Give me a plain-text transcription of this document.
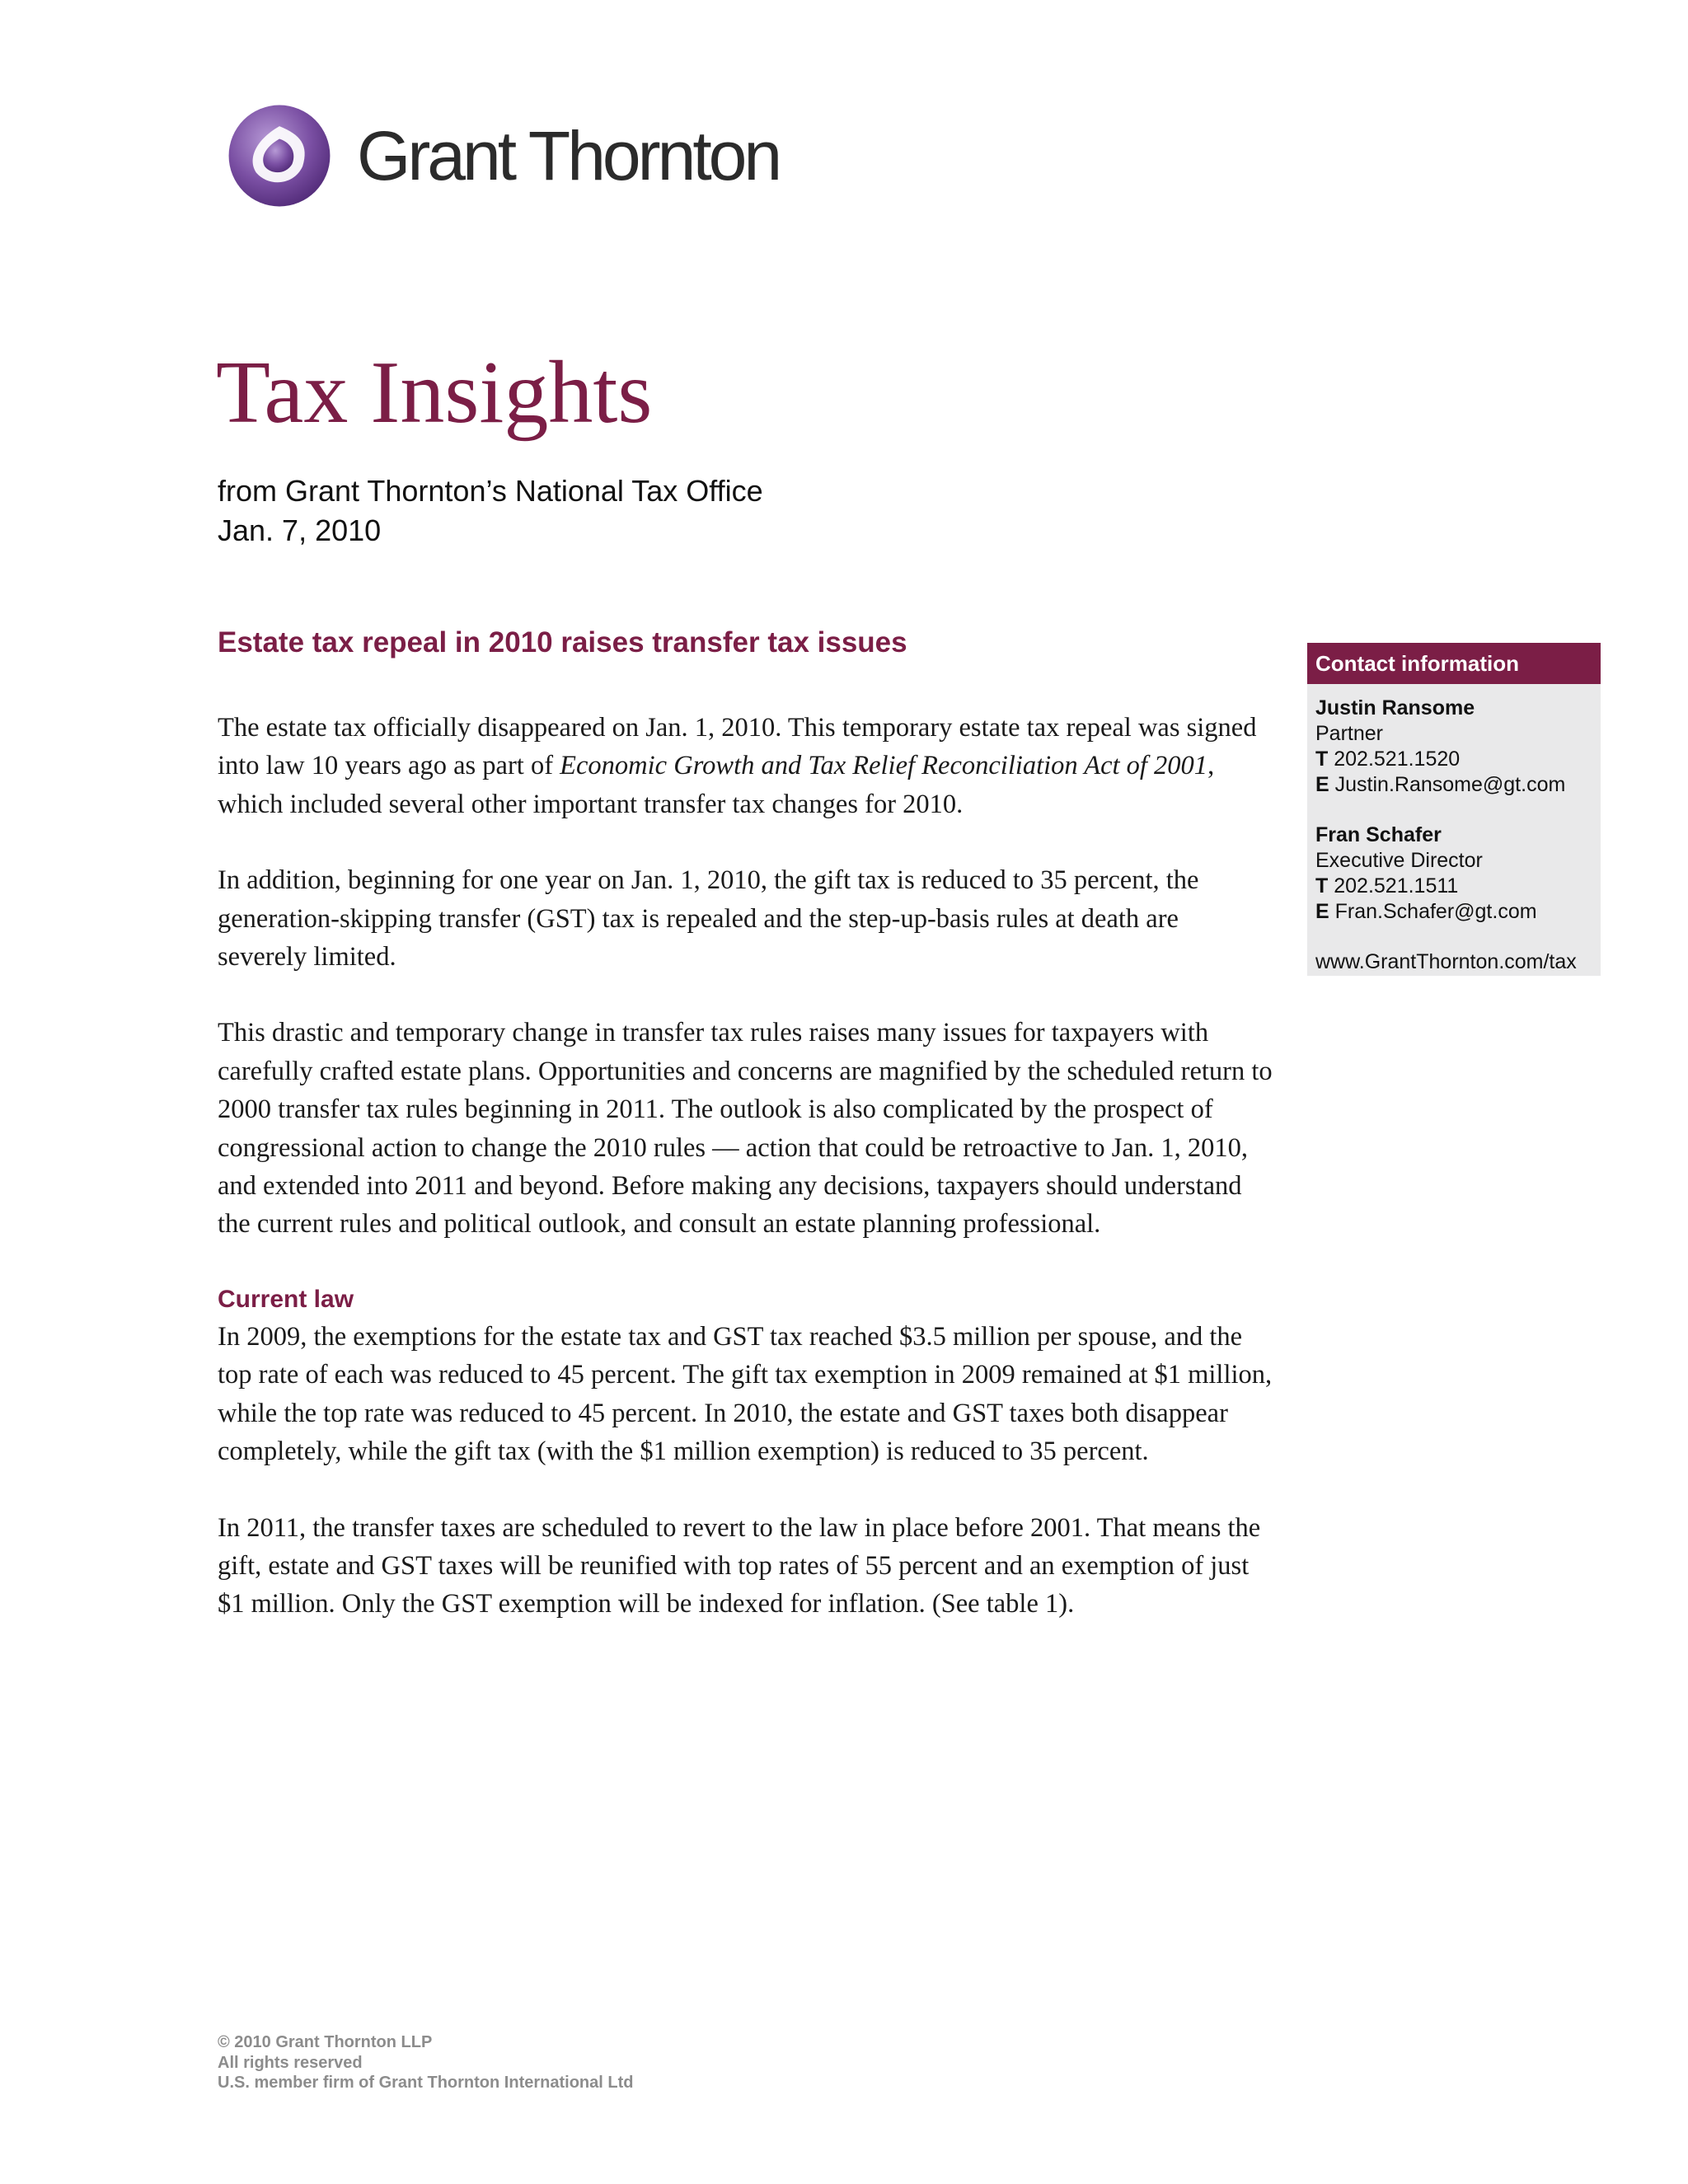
Grant Thornton
Tax Insights
from Grant Thornton’s National Tax Office
Jan. 7, 2010
Estate tax repeal in 2010 raises transfer tax issues

The estate tax officially disappeared on Jan. 1, 2010. This temporary estate tax repeal was signed into law 10 years ago as part of Economic Growth and Tax Relief Reconciliation Act of 2001, which included several other important transfer tax changes for 2010.

In addition, beginning for one year on Jan. 1, 2010, the gift tax is reduced to 35 percent, the generation-skipping transfer (GST) tax is repealed and the step-up-basis rules at death are severely limited.

This drastic and temporary change in transfer tax rules raises many issues for taxpayers with carefully crafted estate plans. Opportunities and concerns are magnified by the scheduled return to 2000 transfer tax rules beginning in 2011. The outlook is also complicated by the prospect of congressional action to change the 2010 rules — action that could be retroactive to Jan. 1, 2010, and extended into 2011 and beyond. Before making any decisions, taxpayers should understand the current rules and political outlook, and consult an estate planning professional.

Current law

In 2009, the exemptions for the estate tax and GST tax reached $3.5 million per spouse, and the top rate of each was reduced to 45 percent. The gift tax exemption in 2009 remained at $1 million, while the top rate was reduced to 45 percent. In 2010, the estate and GST taxes both disappear completely, while the gift tax (with the $1 million exemption) is reduced to 35 percent.

In 2011, the transfer taxes are scheduled to revert to the law in place before 2001. That means the gift, estate and GST taxes will be reunified with top rates of 55 percent and an exemption of just $1 million. Only the GST exemption will be indexed for inflation. (See table 1).

Contact information
Justin Ransome
Partner
T 202.521.1520
E Justin.Ransome@gt.com
Fran Schafer
Executive Director
T 202.521.1511
E Fran.Schafer@gt.com
www.GrantThornton.com/tax
© 2010 Grant Thornton LLP
All rights reserved
U.S. member firm of Grant Thornton International Ltd
